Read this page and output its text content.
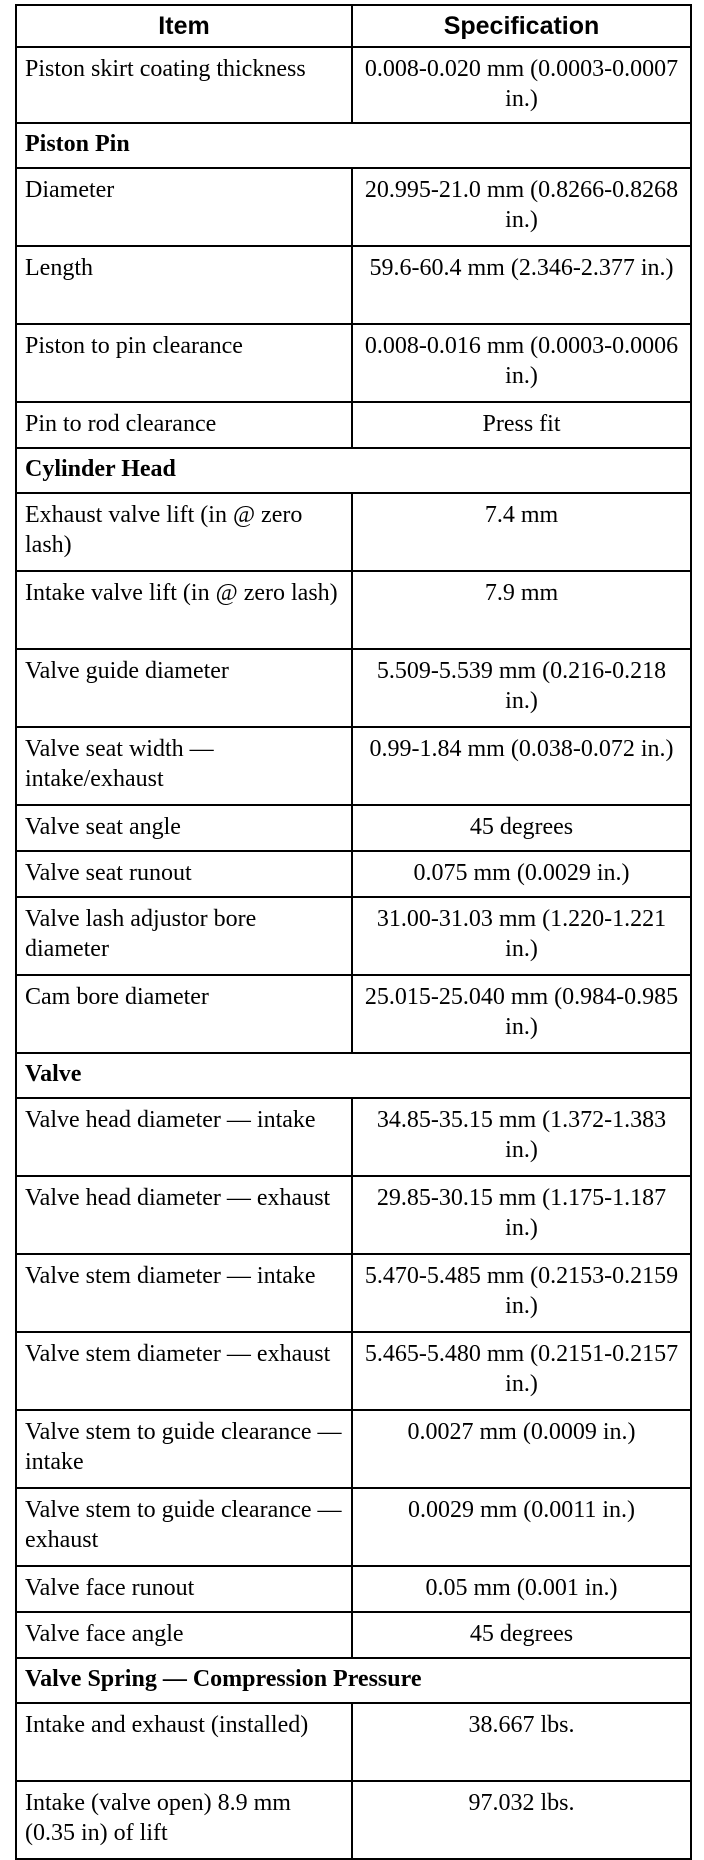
Item	Specification
Piston skirt coating thickness	0.008-0.020 mm (0.0003-0.0007 in.)
Piston Pin	
Diameter	20.995-21.0 mm (0.8266-0.8268 in.)
Length	59.6-60.4 mm (2.346-2.377 in.)
Piston to pin clearance	0.008-0.016 mm (0.0003-0.0006 in.)
Pin to rod clearance	Press fit
Cylinder Head	
Exhaust valve lift (in @ zero lash)	7.4 mm
Intake valve lift (in @ zero lash)	7.9 mm
Valve guide diameter	5.509-5.539 mm (0.216-0.218 in.)
Valve seat width — intake/exhaust	0.99-1.84 mm (0.038-0.072 in.)
Valve seat angle	45 degrees
Valve seat runout	0.075 mm (0.0029 in.)
Valve lash adjustor bore diameter	31.00-31.03 mm (1.220-1.221 in.)
Cam bore diameter	25.015-25.040 mm (0.984-0.985 in.)
Valve	
Valve head diameter — intake	34.85-35.15 mm (1.372-1.383 in.)
Valve head diameter — exhaust	29.85-30.15 mm (1.175-1.187 in.)
Valve stem diameter — intake	5.470-5.485 mm (0.2153-0.2159 in.)
Valve stem diameter — exhaust	5.465-5.480 mm (0.2151-0.2157 in.)
Valve stem to guide clearance — intake	0.0027 mm (0.0009 in.)
Valve stem to guide clearance — exhaust	0.0029 mm (0.0011 in.)
Valve face runout	0.05 mm (0.001 in.)
Valve face angle	45 degrees
Valve Spring — Compression Pressure	
Intake and exhaust (installed)	38.667 lbs.
Intake (valve open) 8.9 mm (0.35 in) of lift	97.032 lbs.
